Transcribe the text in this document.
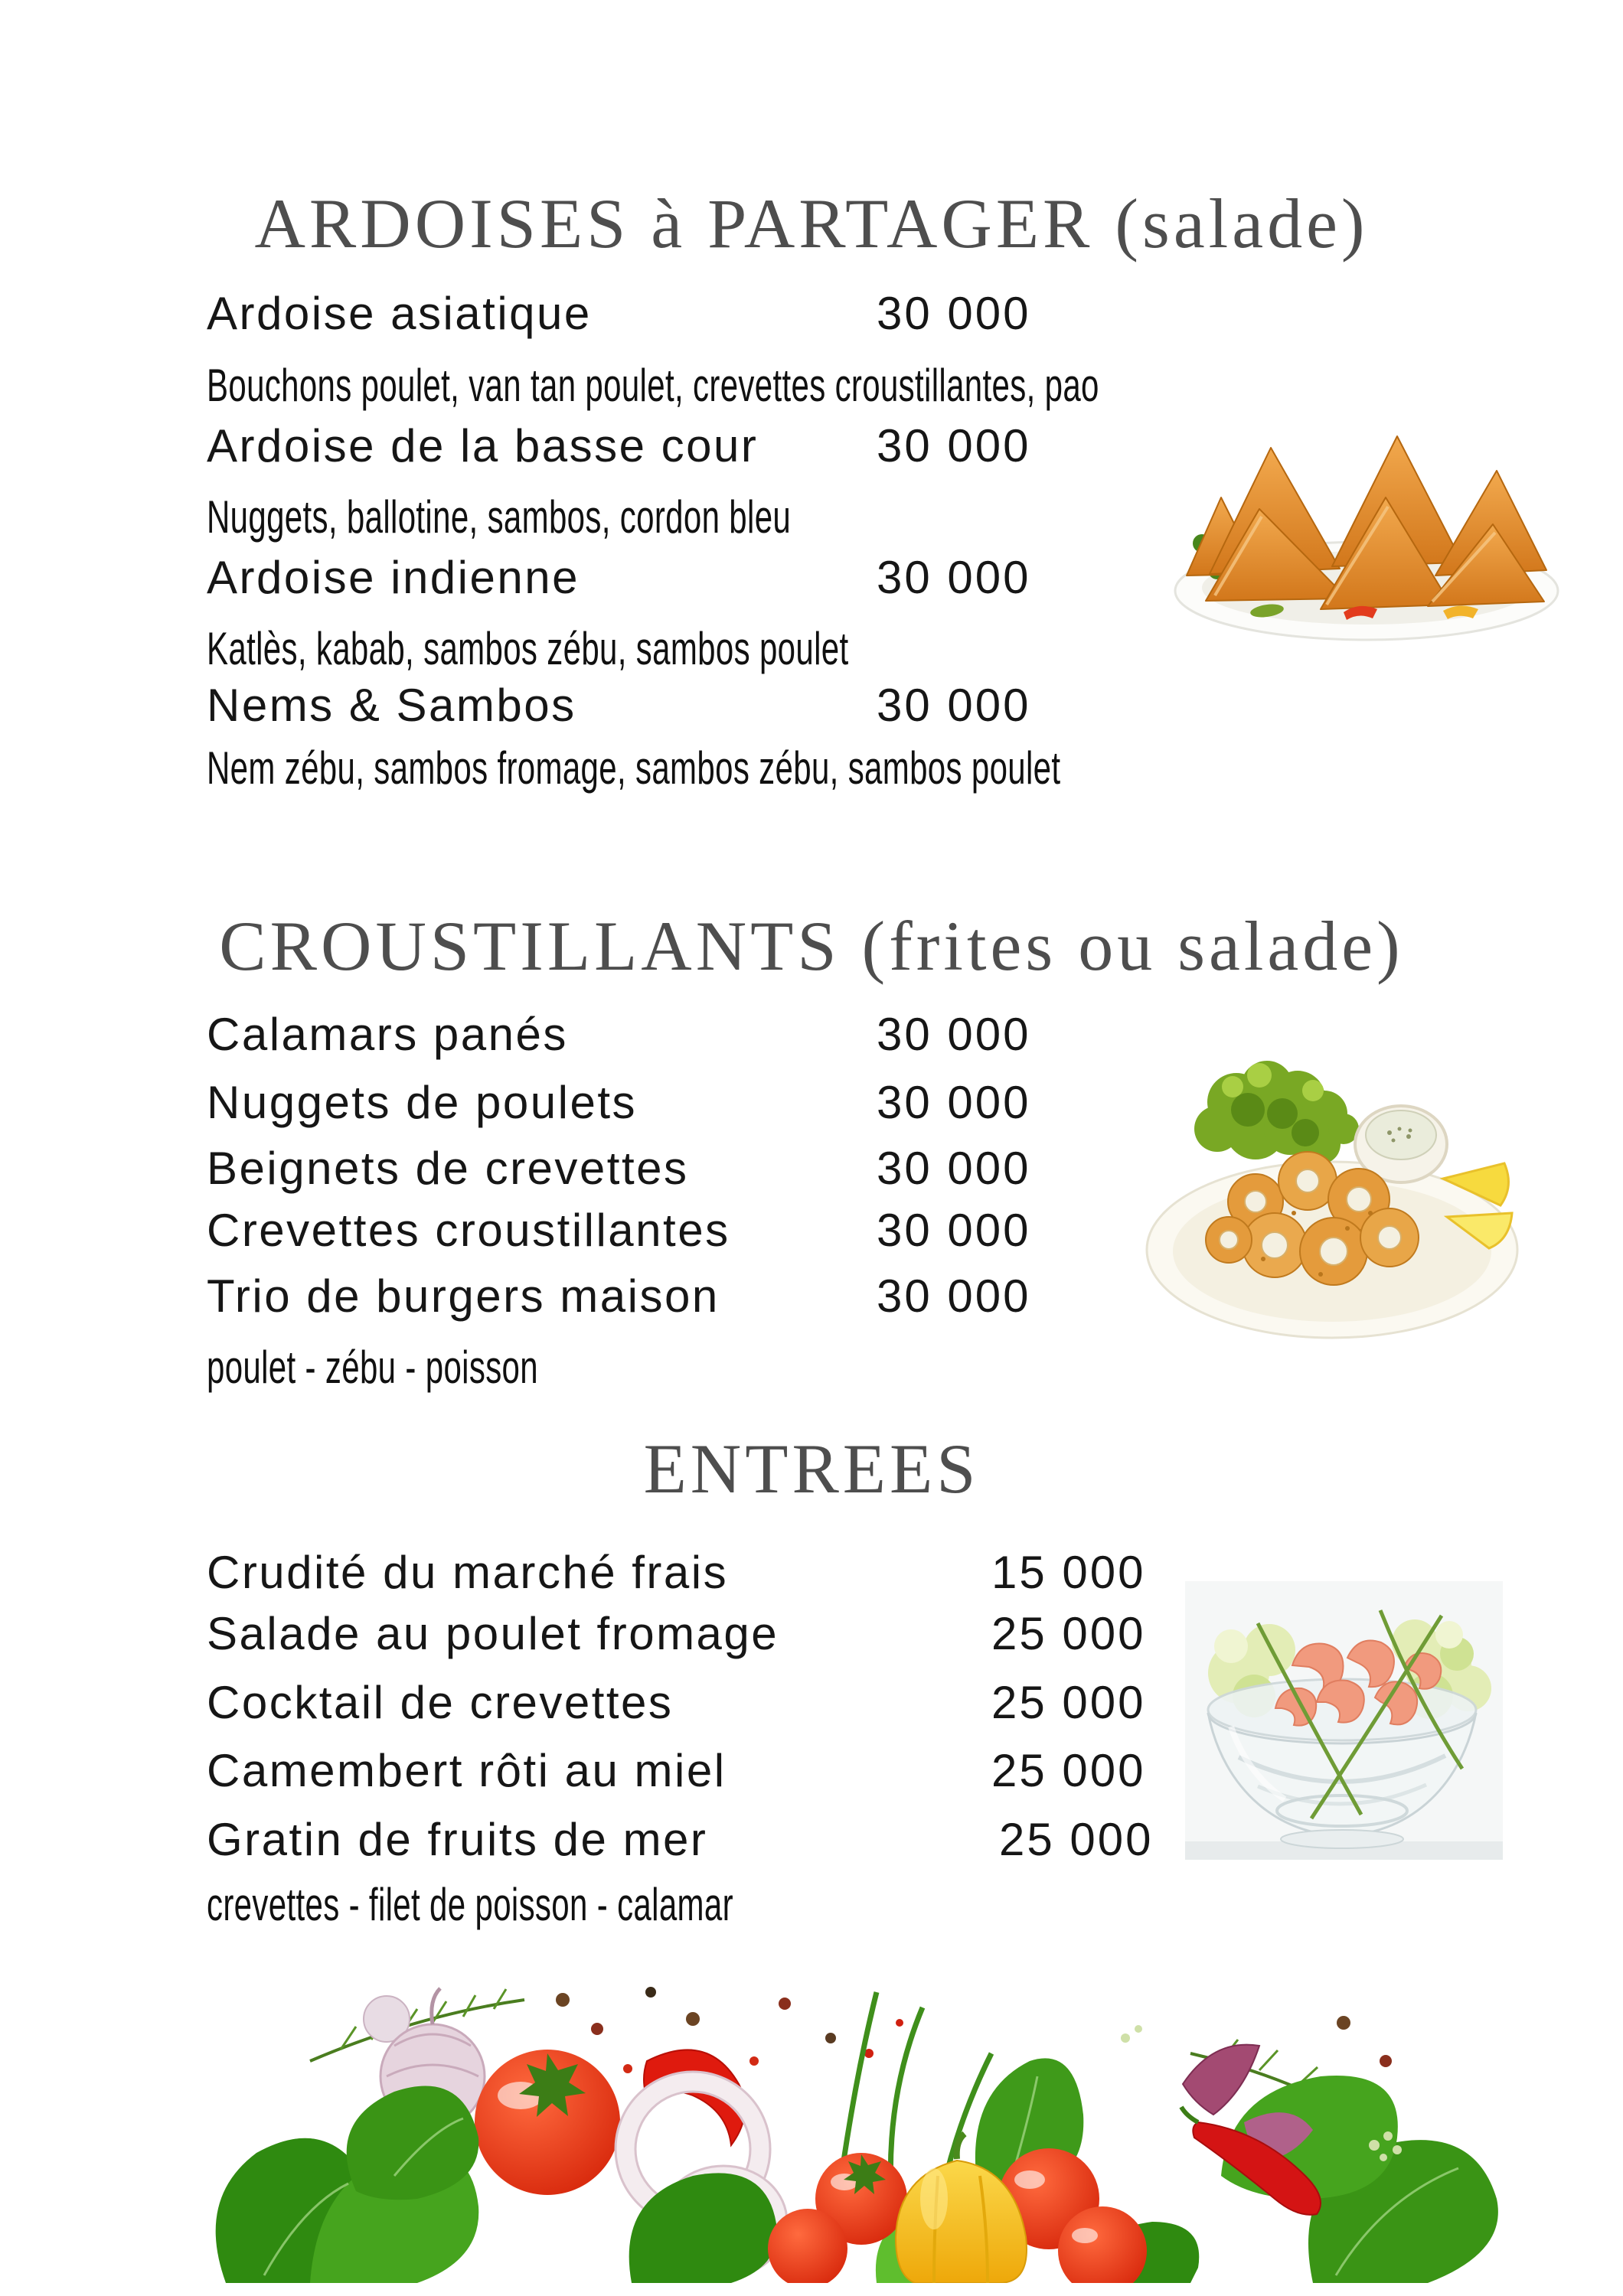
ARDOISES à PARTAGER (salade)
Ardoise asiatique	30 000
Bouchons poulet, van tan poulet, crevettes croustillantes, pao
Ardoise de la basse cour	30 000
Nuggets, ballotine, sambos, cordon bleu
Ardoise indienne	30 000
Katlès, kabab, sambos zébu, sambos poulet
Nems & Sambos	30 000
Nem zébu, sambos fromage, sambos zébu, sambos poulet
CROUSTILLANTS (frites ou salade)
Calamars panés	30 000
Nuggets de poulets	30 000
Beignets de crevettes	30 000
Crevettes croustillantes	30 000
Trio de burgers maison	30 000
poulet - zébu - poisson
ENTREES
Crudité du marché frais	15 000
Salade au poulet fromage	25 000
Cocktail de crevettes	25 000
Camembert rôti au miel	25 000
Gratin de fruits de mer	25 000
crevettes - filet de poisson - calamar
